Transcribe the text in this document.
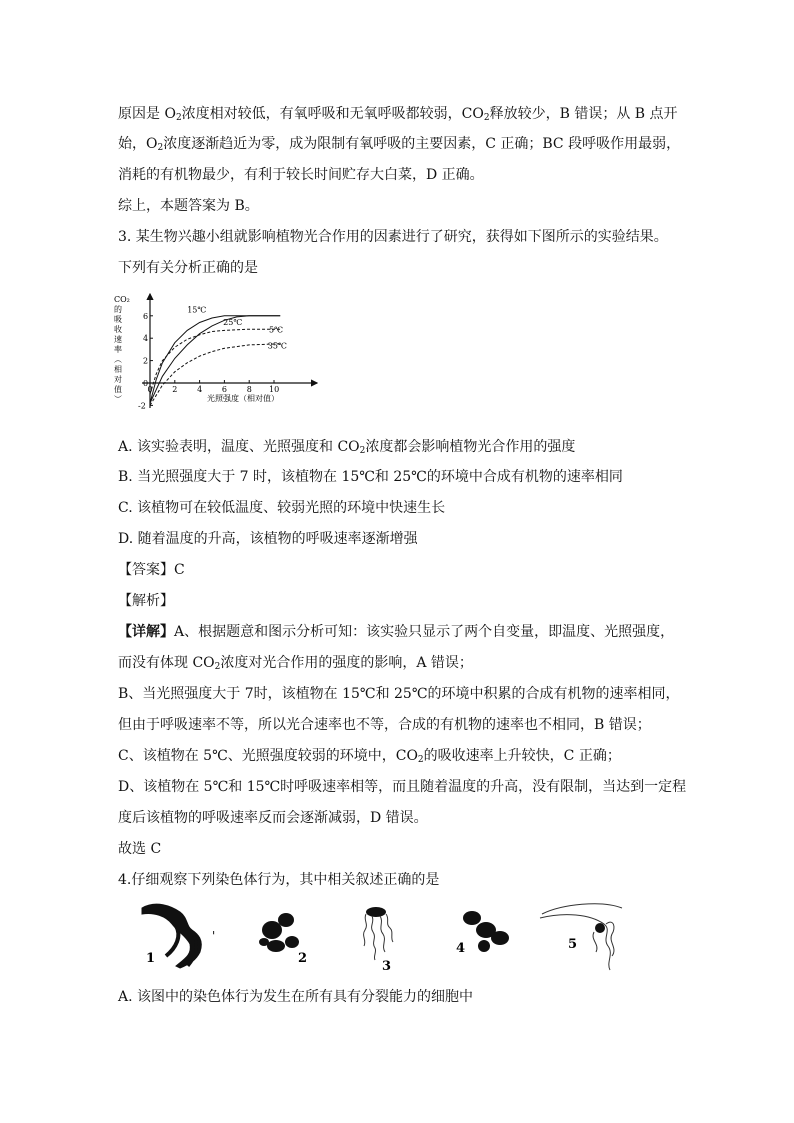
原因是 $O_2$浓度相对较低，有氧呼吸和无氧呼吸都较弱，$CO_2$释放较少，B 错误；从 B 点开
始，$O_2$浓度逐渐趋近为零，成为限制有氧呼吸的主要因素，C 正确；BC 段呼吸作用最弱，
消耗的有机物最少，有利于较长时间贮存大白菜，D 正确。
综上，本题答案为 B。
3. 某生物兴趣小组就影响植物光合作用的因素进行了研究，获得如下图所示的实验结果。
下列有关分析正确的是
CO₂
的
吸
收
速
率
︵
相
对
值
︶
0 2 4 6 8 10
-2
0
2
4
6
15℃
25℃
5℃
35℃
光照强度（相对值）
A. 该实验表明，温度、光照强度和 $CO_2$浓度都会影响植物光合作用的强度
B. 当光照强度大于 7 时，该植物在 15℃和 25℃的环境中合成有机物的速率相同
C. 该植物可在较低温度、较弱光照的环境中快速生长
D. 随着温度的升高，该植物的呼吸速率逐渐增强
【答案】C
【解析】
【详解】A、根据题意和图示分析可知：该实验只显示了两个自变量，即温度、光照强度，
而没有体现 $CO_2$浓度对光合作用的强度的影响，A 错误；
B、当光照强度大于 7时，该植物在 15℃和 25℃的环境中积累的合成有机物的速率相同，
但由于呼吸速率不等，所以光合速率也不等，合成的有机物的速率也不相同，B 错误；
C、该植物在 5℃、光照强度较弱的环境中，$CO_2$的吸收速率上升较快，C 正确；
D、该植物在 5℃和 15℃时呼吸速率相等，而且随着温度的升高，没有限制，当达到一定程
度后该植物的呼吸速率反而会逐渐减弱，D 错误。
故选 C
4.仔细观察下列染色体行为，其中相关叙述正确的是
1
'
2
3
4	5
A. 该图中的染色体行为发生在所有具有分裂能力的细胞中
